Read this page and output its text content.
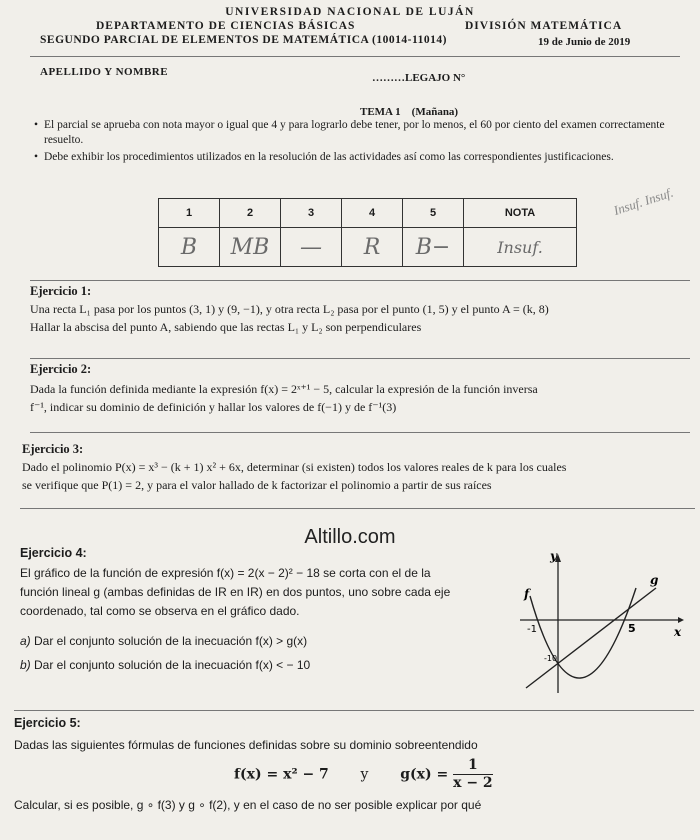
UNIVERSIDAD NACIONAL DE LUJÁN
DEPARTAMENTO DE CIENCIAS BÁSICAS	DIVISIÓN MATEMÁTICA
SEGUNDO PARCIAL DE ELEMENTOS DE MATEMÁTICA (10014-11014)	19 de Junio de 2019
APELLIDO Y NOMBRE	………LEGAJO N°
TEMA 1 (Mañana)
• El parcial se aprueba con nota mayor o igual que 4 y para lograrlo debe tener, por lo menos, el 60 por ciento del examen correctamente resuelto.
• Debe exhibir los procedimientos utilizados en la resolución de las actividades así como las correspondientes justificaciones.
1	2	3	4	5	NOTA
B	MB	—	R	B−	Insuf.
Insuf. Insuf.
Ejercicio 1:
Una recta L₁ pasa por los puntos (3, 1) y (9, −1), y otra recta L₂ pasa por el punto (1, 5) y el punto A = (k, 8)
Hallar la abscisa del punto A, sabiendo que las rectas L₁ y L₂ son perpendiculares
Ejercicio 2:
Dada la función definida mediante la expresión f(x) = 2ˣ⁺¹ − 5, calcular la expresión de la función inversa
f⁻¹, indicar su dominio de definición y hallar los valores de f(−1) y de f⁻¹(3)
Ejercicio 3:
Dado el polinomio P(x) = x³ − (k + 1) x² + 6x, determinar (si existen) todos los valores reales de k para los cuales
se verifique que P(1) = 2, y para el valor hallado de k factorizar el polinomio a partir de sus raíces
Altillo.com
Ejercicio 4:
El gráfico de la función de expresión f(x) = 2(x − 2)² − 18 se corta con el de la
función lineal g (ambas definidas de IR en IR) en dos puntos, uno sobre cada eje
coordenado, tal como se observa en el gráfico dado.
a) Dar el conjunto solución de la inecuación f(x) > g(x)
b) Dar el conjunto solución de la inecuación f(x) < − 10
y
x
f
g
-1	5
-10
Ejercicio 5:
Dadas las siguientes fórmulas de funciones definidas sobre su dominio sobreentendido
f(x) = x² − 7 y $g(x) = \frac{1}{x - 2}$
Calcular, si es posible, g ∘ f(3) y g ∘ f(2), y en el caso de no ser posible explicar por qué
